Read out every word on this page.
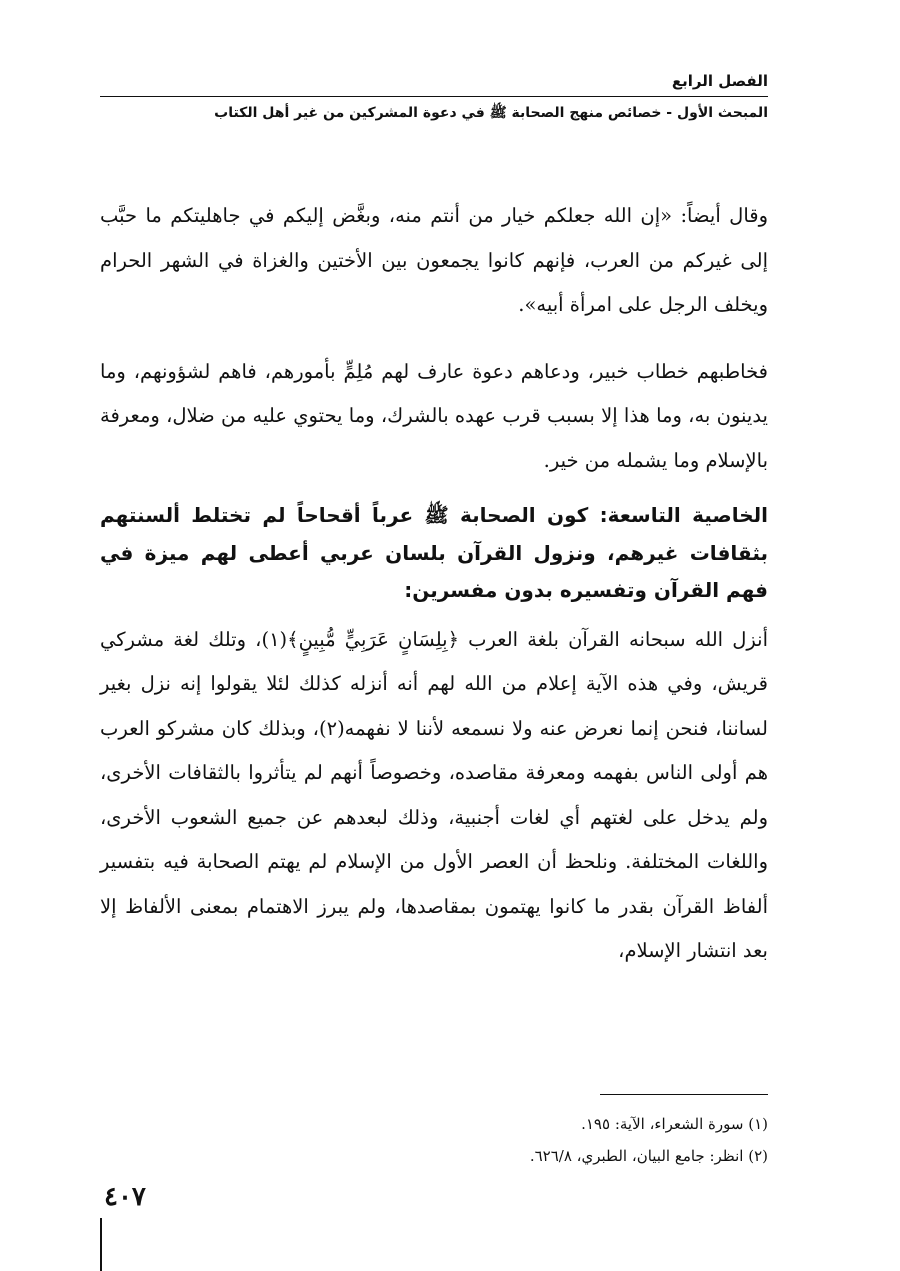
الفصل الرابع

المبحث الأول - خصائص منهج الصحابة ﷺ في دعوة المشركين من غير أهل الكتاب

وقال أيضاً: «إن الله جعلكم خيار من أنتم منه، وبغَّض إليكم في جاهليتكم ما حبَّب إلى غيركم من العرب، فإنهم كانوا يجمعون بين الأختين والغزاة في الشهر الحرام ويخلف الرجل على امرأة أبيه».

فخاطبهم خطاب خبير، ودعاهم دعوة عارف لهم مُلِمٍّ بأمورهم، فاهم لشؤونهم، وما يدينون به، وما هذا إلا بسبب قرب عهده بالشرك، وما يحتوي عليه من ضلال، ومعرفة بالإسلام وما يشمله من خير.

الخاصية التاسعة: كون الصحابة ﷺ عرباً أقحاحاً لم تختلط ألسنتهم بثقافات غيرهم، ونزول القرآن بلسان عربي أعطى لهم ميزة في فهم القرآن وتفسيره بدون مفسرين:

أنزل الله سبحانه القرآن بلغة العرب ﴿بِلِسَانٍ عَرَبِيٍّ مُّبِينٍ﴾(١)، وتلك لغة مشركي قريش، وفي هذه الآية إعلام من الله لهم أنه أنزله كذلك لئلا يقولوا إنه نزل بغير لساننا، فنحن إنما نعرض عنه ولا نسمعه لأننا لا نفهمه(٢)، وبذلك كان مشركو العرب هم أولى الناس بفهمه ومعرفة مقاصده، وخصوصاً أنهم لم يتأثروا بالثقافات الأخرى، ولم يدخل على لغتهم أي لغات أجنبية، وذلك لبعدهم عن جميع الشعوب الأخرى، واللغات المختلفة. ونلحظ أن العصر الأول من الإسلام لم يهتم الصحابة فيه بتفسير ألفاظ القرآن بقدر ما كانوا يهتمون بمقاصدها، ولم يبرز الاهتمام بمعنى الألفاظ إلا بعد انتشار الإسلام،

(١) سورة الشعراء، الآية: ١٩٥.

(٢) انظر: جامع البيان، الطبري، ٦٢٦/٨.

٤٠٧
